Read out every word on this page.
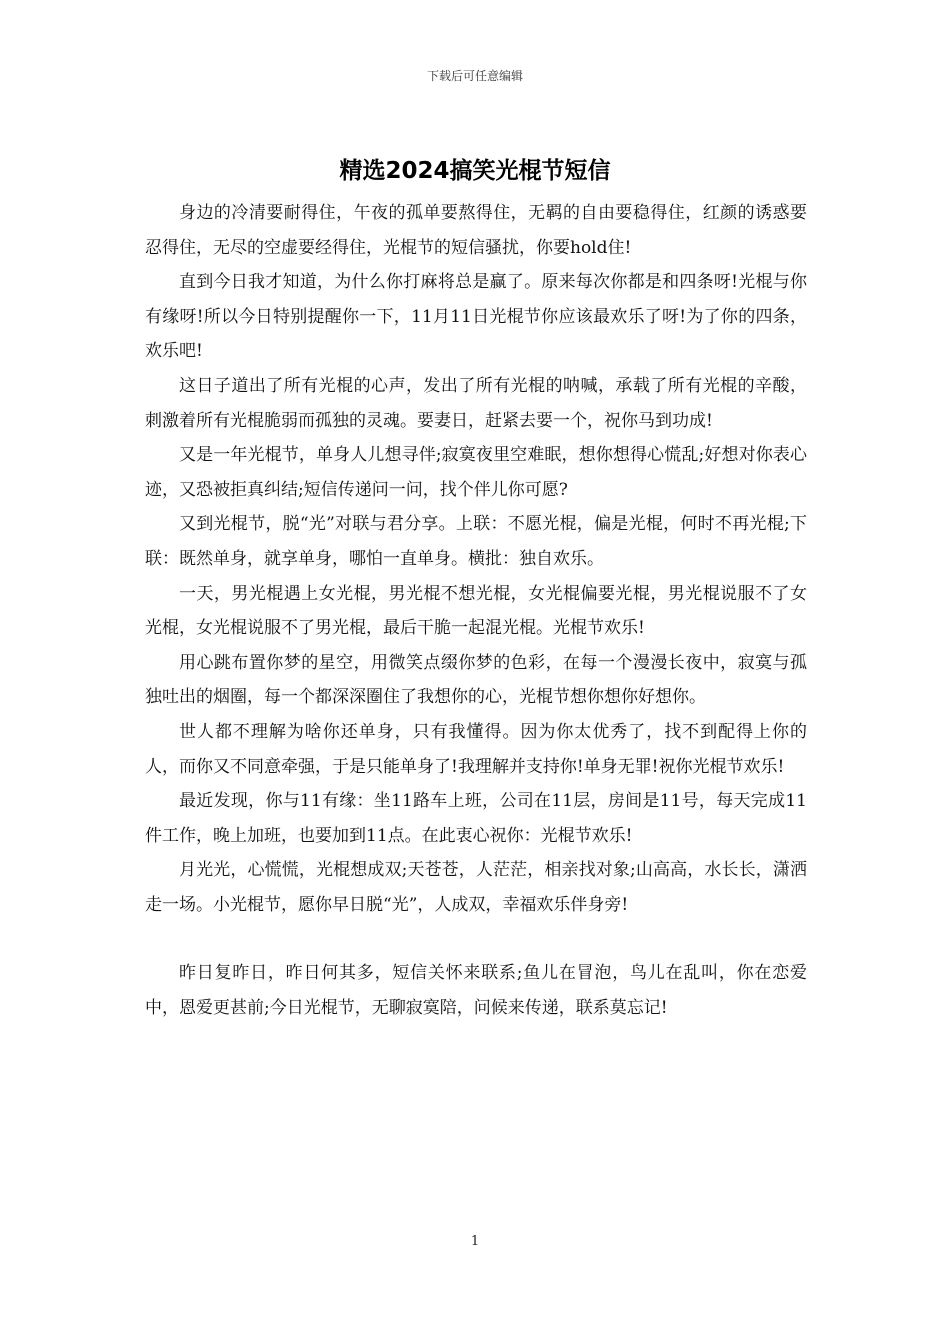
下载后可任意编辑
精选2024搞笑光棍节短信

身边的冷清要耐得住，午夜的孤单要熬得住，无羁的自由要稳得住，红颜的诱惑要忍得住，无尽的空虚要经得住，光棍节的短信骚扰，你要hold住!

直到今日我才知道，为什么你打麻将总是赢了。原来每次你都是和四条呀!光棍与你有缘呀!所以今日特别提醒你一下，11月11日光棍节你应该最欢乐了呀!为了你的四条，欢乐吧!

这日子道出了所有光棍的心声，发出了所有光棍的呐喊，承载了所有光棍的辛酸，刺激着所有光棍脆弱而孤独的灵魂。要妻日，赶紧去要一个，祝你马到功成!

又是一年光棍节，单身人儿想寻伴;寂寞夜里空难眠，想你想得心慌乱;好想对你表心迹，又恐被拒真纠结;短信传递问一问，找个伴儿你可愿?

又到光棍节，脱“光”对联与君分享。上联：不愿光棍，偏是光棍，何时不再光棍;下联：既然单身，就享单身，哪怕一直单身。横批：独自欢乐。

一天，男光棍遇上女光棍，男光棍不想光棍，女光棍偏要光棍，男光棍说服不了女光棍，女光棍说服不了男光棍，最后干脆一起混光棍。光棍节欢乐!

用心跳布置你梦的星空，用微笑点缀你梦的色彩，在每一个漫漫长夜中，寂寞与孤独吐出的烟圈，每一个都深深圈住了我想你的心，光棍节想你想你好想你。

世人都不理解为啥你还单身，只有我懂得。因为你太优秀了，找不到配得上你的人，而你又不同意牵强，于是只能单身了!我理解并支持你!单身无罪!祝你光棍节欢乐!

最近发现，你与11有缘：坐11路车上班，公司在11层，房间是11号，每天完成11件工作，晚上加班，也要加到11点。在此衷心祝你：光棍节欢乐!

月光光，心慌慌，光棍想成双;天苍苍，人茫茫，相亲找对象;山高高，水长长，潇洒走一场。小光棍节，愿你早日脱“光”，人成双，幸福欢乐伴身旁!

昨日复昨日，昨日何其多，短信关怀来联系;鱼儿在冒泡，鸟儿在乱叫，你在恋爱中，恩爱更甚前;今日光棍节，无聊寂寞陪，问候来传递，联系莫忘记!

1
